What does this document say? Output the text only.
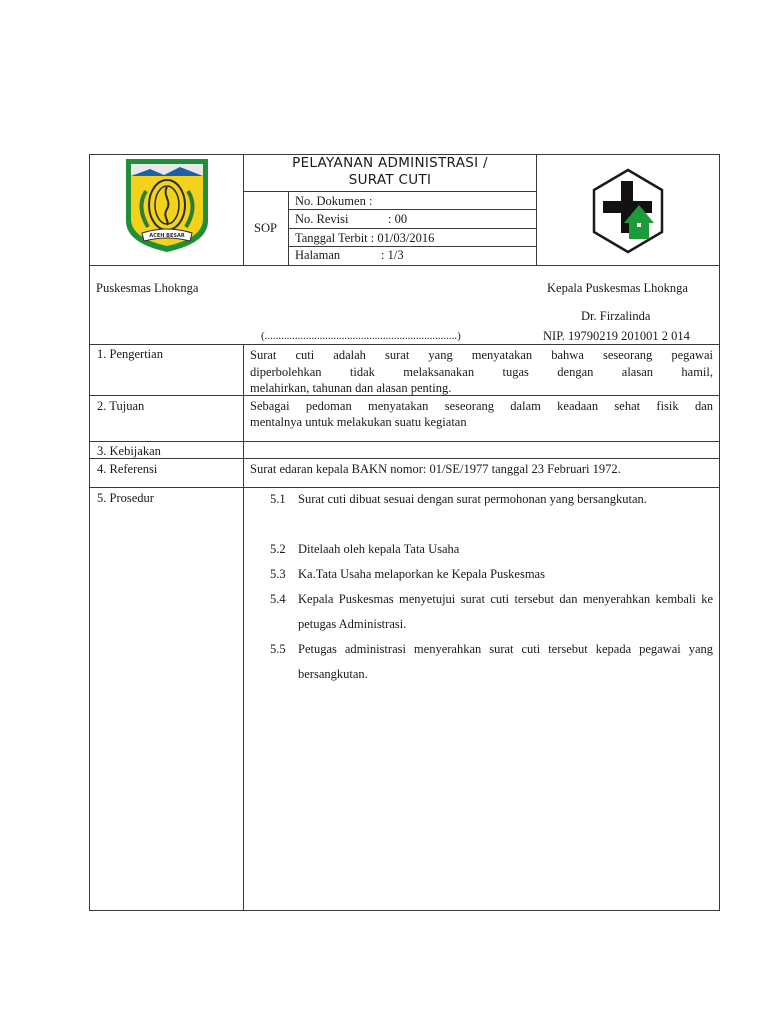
ACEH BESAR
PELAYANAN ADMINISTRASI /
SURAT CUTI
SOP
No. Dokumen :
No. Revisi	: 00
Tanggal Terbit : 01/03/2016
Halaman	: 1/3
Puskesmas Lhoknga
(......................................................................)
Kepala Puskesmas Lhoknga
Dr. Firzalinda
NIP. 19790219 201001 2 014
1. Pengertian	Surat cuti adalah surat yang menyatakan bahwa seseorang pegawai
diperbolehkan tidak melaksanakan tugas dengan alasan hamil,
melahirkan, tahunan dan alasan penting.
2. Tujuan	Sebagai pedoman menyatakan seseorang dalam keadaan sehat fisik dan
mentalnya untuk melakukan suatu kegiatan
3. Kebijakan
4. Referensi	Surat edaran kepala BAKN nomor: 01/SE/1977 tanggal 23 Februari 1972.
5. Prosedur	5.1 Surat cuti dibuat sesuai dengan surat permohonan yang bersangkutan.
5.2 Ditelaah oleh kepala Tata Usaha
5.3 Ka.Tata Usaha melaporkan ke Kepala Puskesmas
5.4 Kepala Puskesmas menyetujui surat cuti tersebut dan menyerahkan kembali ke petugas Administrasi.
5.5 Petugas administrasi menyerahkan surat cuti tersebut kepada pegawai yang bersangkutan.
